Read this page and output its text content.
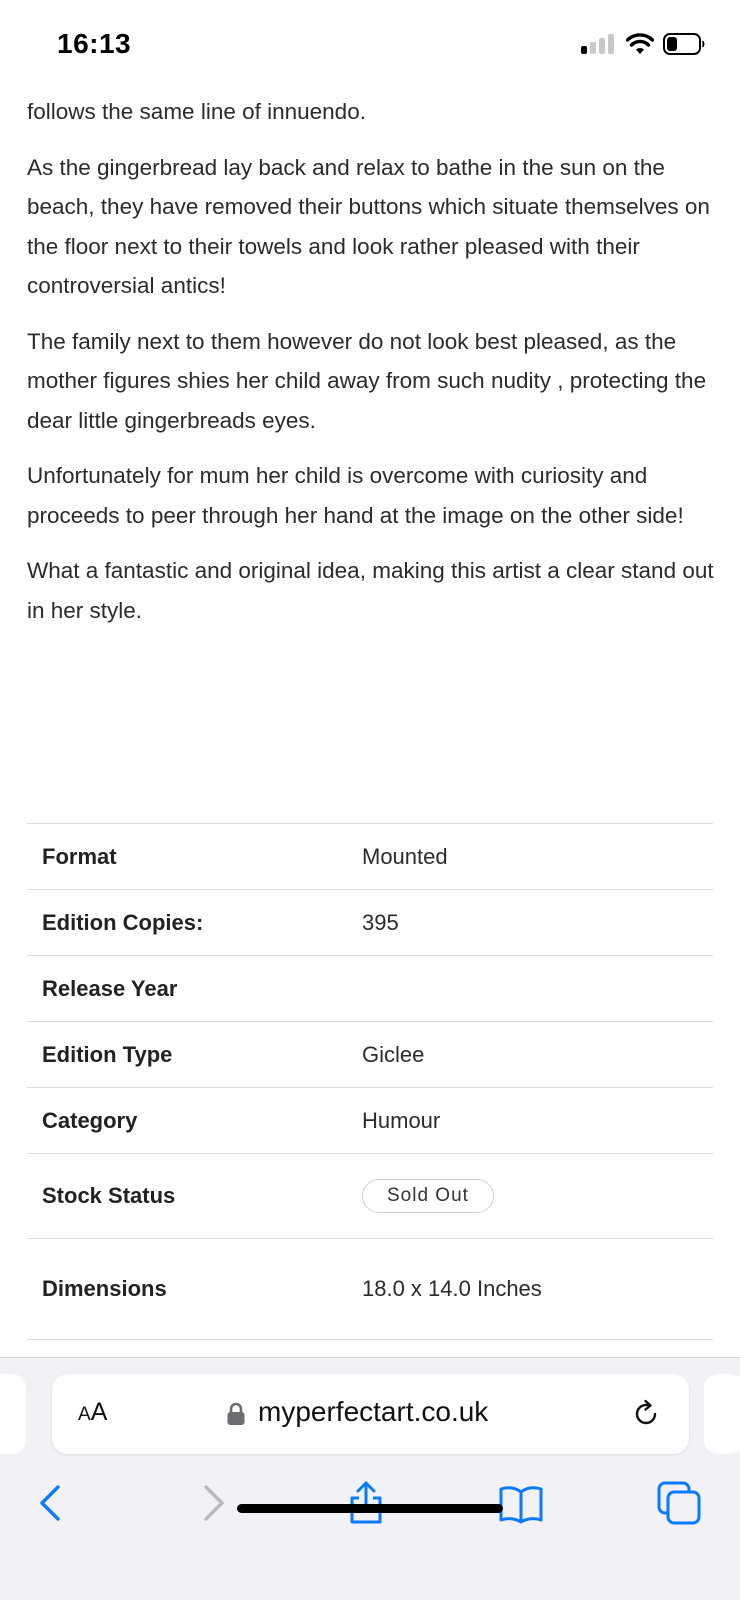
16:13

follows the same line of innuendo.

As the gingerbread lay back and relax to bathe in the sun on the beach, they have removed their buttons which situate themselves on the floor next to their towels and look rather pleased with their controversial antics!

The family next to them however do not look best pleased, as the mother figures shies her child away from such nudity , protecting the dear little gingerbreads eyes.

Unfortunately for mum her child is overcome with curiosity and proceeds to peer through her hand at the image on the other side!

What a fantastic and original idea, making this artist a clear stand out in her style.

Format	Mounted
Edition Copies:	395
Release Year
Edition Type	Giclee
Category	Humour
Stock Status	Sold Out
Dimensions	18.0 x 14.0 Inches
AA	myperfectart.co.uk
